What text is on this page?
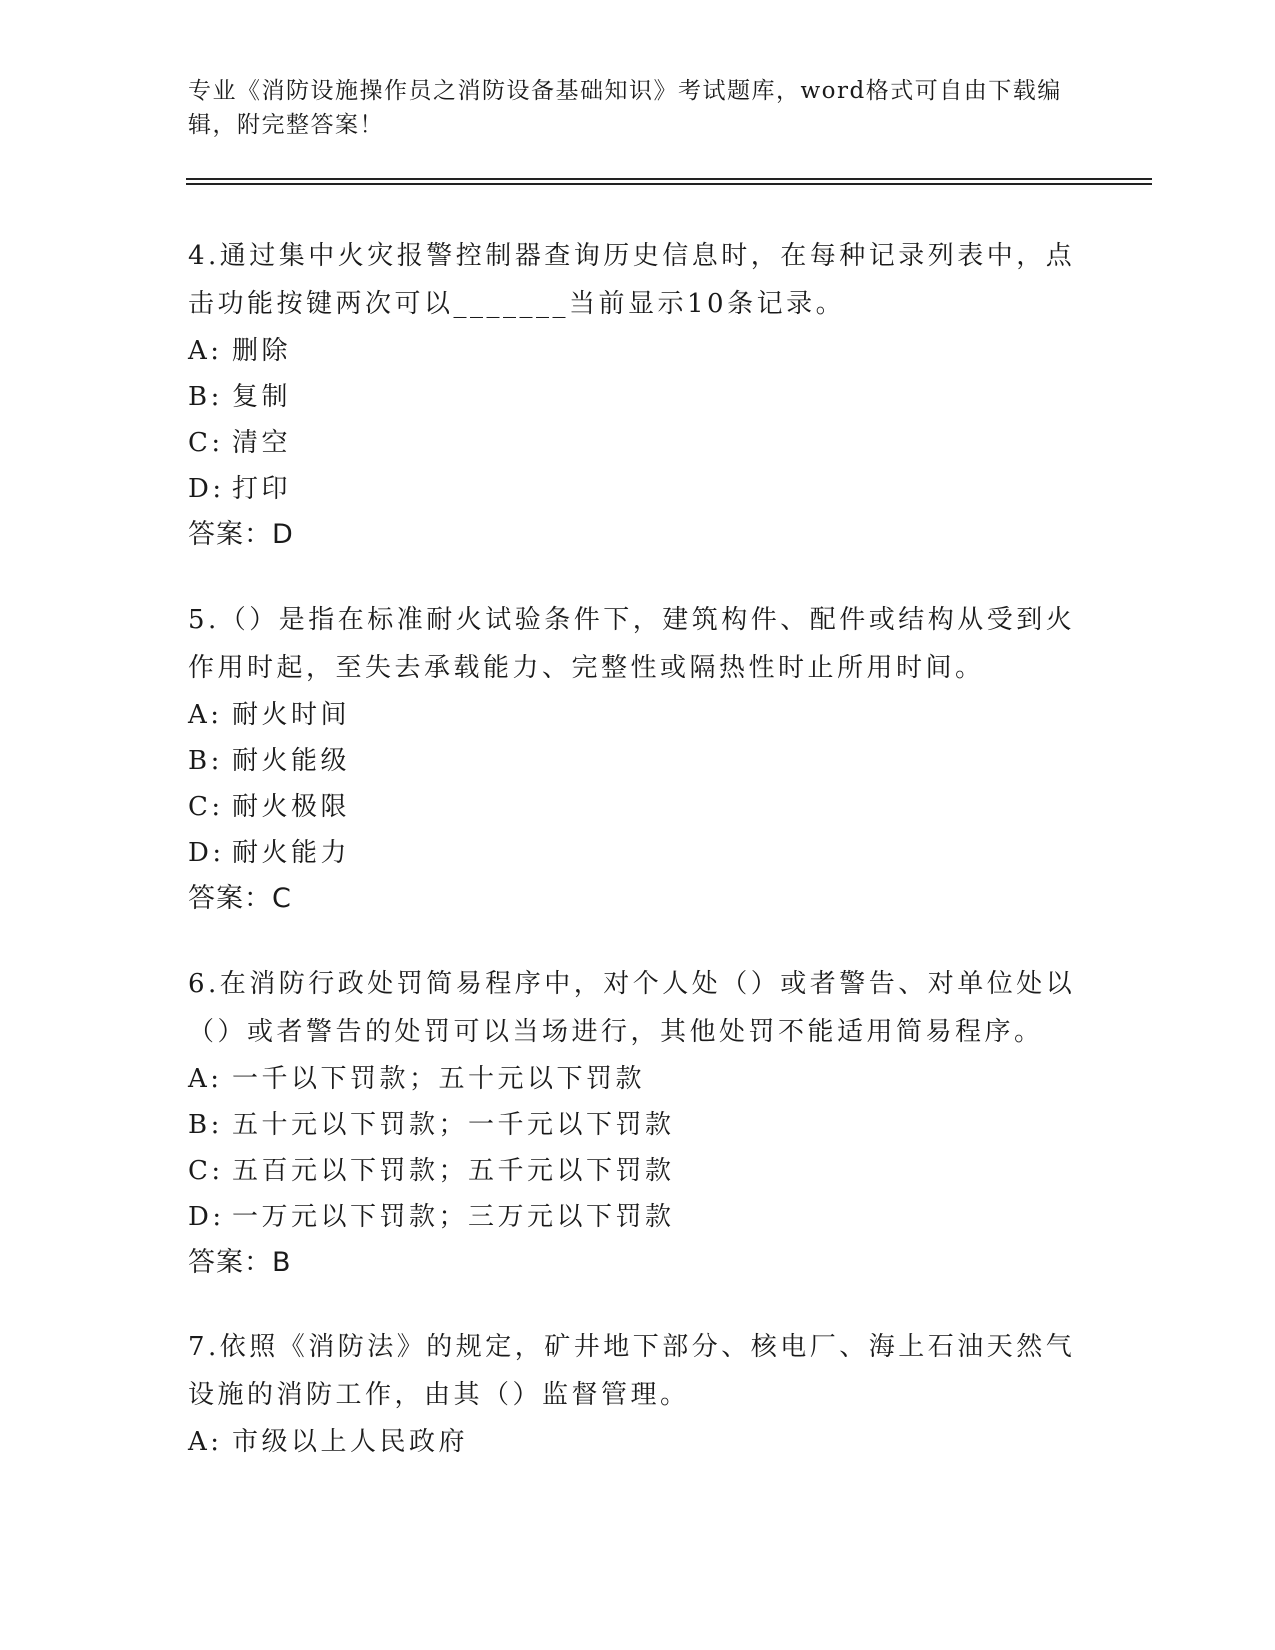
专业《消防设施操作员之消防设备基础知识》考试题库，word格式可自由下载编辑，附完整答案！

4.通过集中火灾报警控制器查询历史信息时，在每种记录列表中，点击功能按键两次可以_______当前显示10条记录。

A: 删除
B: 复制
C: 清空
D: 打印

答案：D

5.（）是指在标准耐火试验条件下，建筑构件、配件或结构从受到火作用时起，至失去承载能力、完整性或隔热性时止所用时间。

A: 耐火时间
B: 耐火能级
C: 耐火极限
D: 耐火能力

答案：C

6.在消防行政处罚简易程序中，对个人处（）或者警告、对单位处以（）或者警告的处罚可以当场进行，其他处罚不能适用简易程序。

A: 一千以下罚款；五十元以下罚款
B: 五十元以下罚款；一千元以下罚款
C: 五百元以下罚款；五千元以下罚款
D: 一万元以下罚款；三万元以下罚款

答案：B

7.依照《消防法》的规定，矿井地下部分、核电厂、海上石油天然气设施的消防工作，由其（）监督管理。

A: 市级以上人民政府
